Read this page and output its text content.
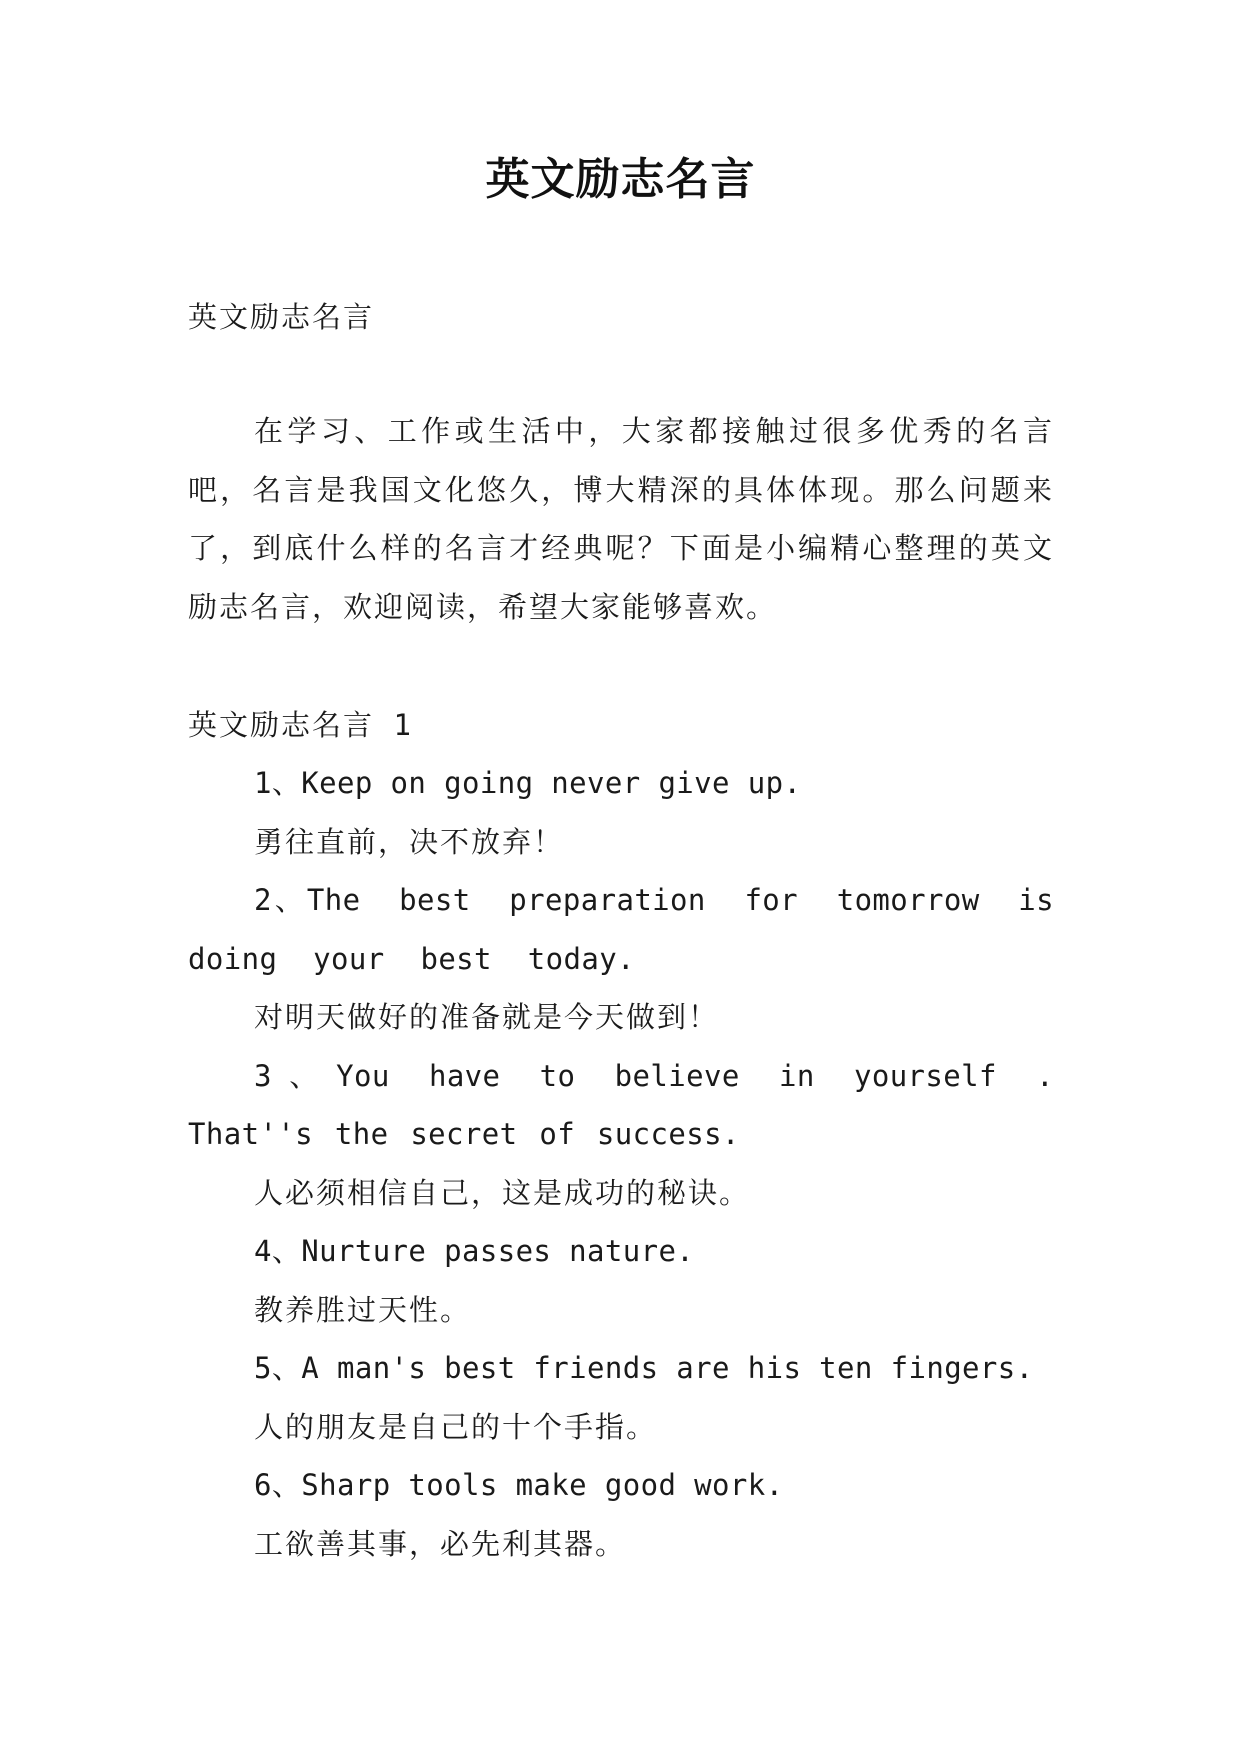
英文励志名言

英文励志名言

在学习、工作或生活中，大家都接触过很多优秀的名言吧，名言是我国文化悠久，博大精深的具体体现。那么问题来了，到底什么样的名言才经典呢？下面是小编精心整理的英文励志名言，欢迎阅读，希望大家能够喜欢。

英文励志名言 1

1、Keep on going never give up.

勇往直前，决不放弃！

2、The best preparation for tomorrow is doing your best today.

对明天做好的准备就是今天做到！

3、You have to believe in yourself . That''s the secret of success.

人必须相信自己，这是成功的秘诀。

4、Nurture passes nature.

教养胜过天性。

5、A man's best friends are his ten fingers.

人的朋友是自己的十个手指。

6、Sharp tools make good work.

工欲善其事，必先利其器。
